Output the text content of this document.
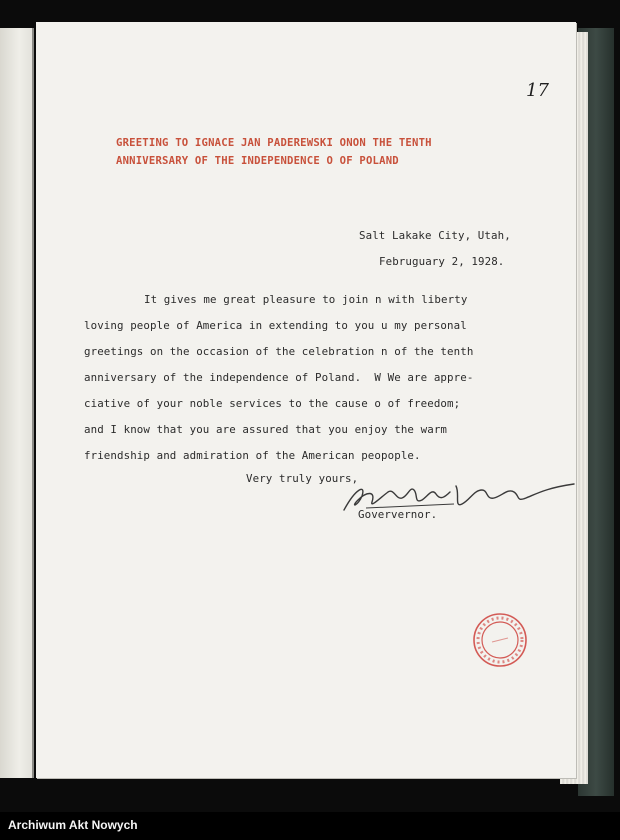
17
GREETING TO IGNACE JAN PADEREWSKI ONON THE TENTH
ANNIVERSARY OF THE INDEPENDENCE O OF POLAND
Salt Lakake City, Utah,
Februguary 2, 1928.
It gives me great pleasure to join n with liberty
loving people of America in extending to you u my personal
greetings on the occasion of the celebration n of the tenth
anniversary of the independence of Poland.  W We are appre-
ciative of your noble services to the cause o of freedom;
and I know that you are assured that you enjoy the warm
friendship and admiration of the American peopople.
Very truly yours,
Goververnor.
Archiwum Akt Nowych
